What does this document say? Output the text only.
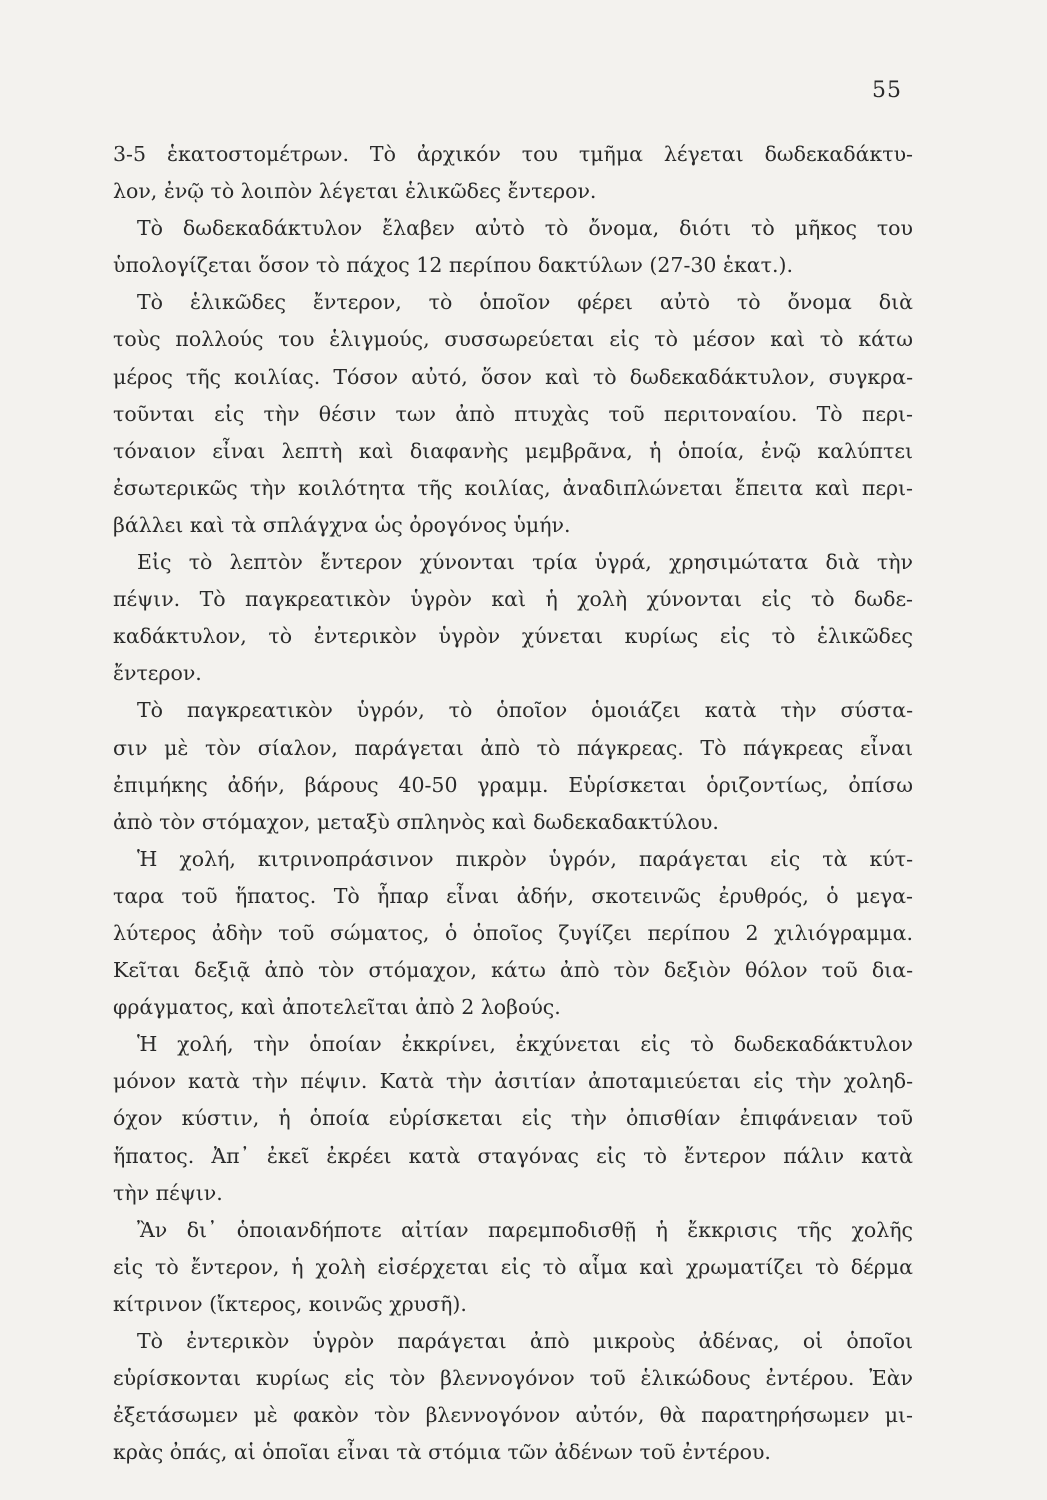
55
3-5 ἑκατοστομέτρων. Τὸ ἀρχικόν του τμῆμα λέγεται δωδεκαδάκτυ-
λον, ἐνῷ τὸ λοιπὸν λέγεται ἑλικῶδες ἔντερον.
Τὸ δωδεκαδάκτυλον ἔλαβεν αὐτὸ τὸ ὄνομα, διότι τὸ μῆκος του
ὑπολογίζεται ὅσον τὸ πάχος 12 περίπου δακτύλων (27-30 ἑκατ.).
Τὸ ἑλικῶδες ἔντερον, τὸ ὁποῖον φέρει αὐτὸ τὸ ὄνομα διὰ
τοὺς πολλούς του ἑλιγμούς, συσσωρεύεται εἰς τὸ μέσον καὶ τὸ κάτω
μέρος τῆς κοιλίας. Τόσον αὐτό, ὅσον καὶ τὸ δωδεκαδάκτυλον, συγκρα-
τοῦνται εἰς τὴν θέσιν των ἀπὸ πτυχὰς τοῦ περιτοναίου. Τὸ περι-
τόναιον εἶναι λεπτὴ καὶ διαφανὴς μεμβρᾶνα, ἡ ὁποία, ἐνῷ καλύπτει
ἐσωτερικῶς τὴν κοιλότητα τῆς κοιλίας, ἀναδιπλώνεται ἔπειτα καὶ περι-
βάλλει καὶ τὰ σπλάγχνα ὡς ὀρογόνος ὑμήν.
Εἰς τὸ λεπτὸν ἔντερον χύνονται τρία ὑγρά, χρησιμώτατα διὰ τὴν
πέψιν. Τὸ παγκρεατικὸν ὑγρὸν καὶ ἡ χολὴ χύνονται εἰς τὸ δωδε-
καδάκτυλον, τὸ ἐντερικὸν ὑγρὸν χύνεται κυρίως εἰς τὸ ἑλικῶδες
ἔντερον.
Τὸ παγκρεατικὸν ὑγρόν, τὸ ὁποῖον ὁμοιάζει κατὰ τὴν σύστα-
σιν μὲ τὸν σίαλον, παράγεται ἀπὸ τὸ πάγκρεας. Τὸ πάγκρεας εἶναι
ἐπιμήκης ἀδήν, βάρους 40-50 γραμμ. Εὑρίσκεται ὁριζοντίως, ὀπίσω
ἀπὸ τὸν στόμαχον, μεταξὺ σπληνὸς καὶ δωδεκαδακτύλου.
Ἡ χολή, κιτρινοπράσινον πικρὸν ὑγρόν, παράγεται εἰς τὰ κύτ-
ταρα τοῦ ἥπατος. Τὸ ἧπαρ εἶναι ἀδήν, σκοτεινῶς ἐρυθρός, ὁ μεγα-
λύτερος ἀδὴν τοῦ σώματος, ὁ ὁποῖος ζυγίζει περίπου 2 χιλιόγραμμα.
Κεῖται δεξιᾷ ἀπὸ τὸν στόμαχον, κάτω ἀπὸ τὸν δεξιὸν θόλον τοῦ δια-
φράγματος, καὶ ἀποτελεῖται ἀπὸ 2 λοβούς.
Ἡ χολή, τὴν ὁποίαν ἐκκρίνει, ἐκχύνεται εἰς τὸ δωδεκαδάκτυλον
μόνον κατὰ τὴν πέψιν. Κατὰ τὴν ἀσιτίαν ἀποταμιεύεται εἰς τὴν χοληδ-
όχον κύστιν, ἡ ὁποία εὑρίσκεται εἰς τὴν ὀπισθίαν ἐπιφάνειαν τοῦ
ἥπατος. Ἀπ᾽ ἐκεῖ ἐκρέει κατὰ σταγόνας εἰς τὸ ἔντερον πάλιν κατὰ
τὴν πέψιν.
Ἂν δι᾽ ὁποιανδήποτε αἰτίαν παρεμποδισθῇ ἡ ἔκκρισις τῆς χολῆς
εἰς τὸ ἔντερον, ἡ χολὴ εἰσέρχεται εἰς τὸ αἷμα καὶ χρωματίζει τὸ δέρμα
κίτρινον (ἴκτερος, κοινῶς χρυσῆ).
Τὸ ἐντερικὸν ὑγρὸν παράγεται ἀπὸ μικροὺς ἀδένας, οἱ ὁποῖοι
εὑρίσκονται κυρίως εἰς τὸν βλεννογόνον τοῦ ἑλικώδους ἐντέρου. Ἐὰν
ἐξετάσωμεν μὲ φακὸν τὸν βλεννογόνον αὐτόν, θὰ παρατηρήσωμεν μι-
κρὰς ὀπάς, αἱ ὁποῖαι εἶναι τὰ στόμια τῶν ἀδένων τοῦ ἐντέρου.
